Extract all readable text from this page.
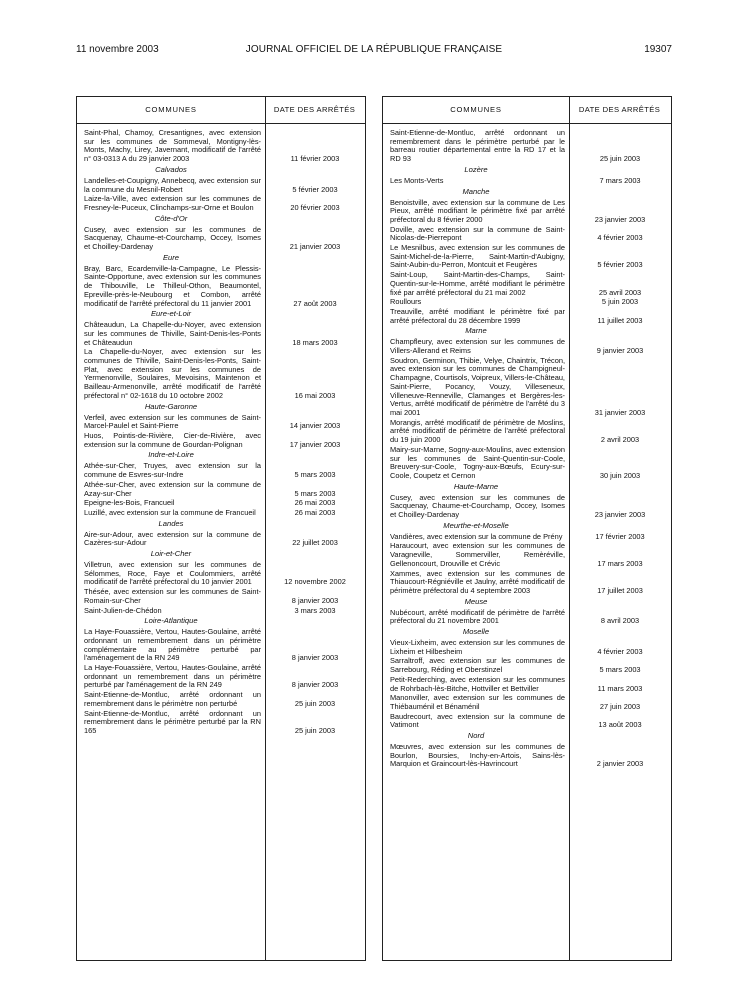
11 novembre 2003	JOURNAL OFFICIEL DE LA RÉPUBLIQUE FRANÇAISE	19307
COMMUNES	DATE DES ARRÊTÉS
Saint-Phal, Chamoy, Cresantignes, avec extension sur les communes de Sommeval, Montigny-lès-Monts, Machy, Lirey, Javernant, modificatif de l'arrêté n° 03-0313 A du 29 janvier 2003	11 février 2003
Calvados
Landelles-et-Coupigny, Annebecq, avec extension sur la commune du Mesnil-Robert	5 février 2003
Laize-la-Ville, avec extension sur les communes de Fresney-le-Puceux, Clinchamps-sur-Orne et Boulon	20 février 2003
Côte-d'Or
Cusey, avec extension sur les communes de Sacquenay, Chaume-et-Courchamp, Occey, Isomes et Choilley-Dardenay	21 janvier 2003
Eure
Bray, Barc, Ecardenville-la-Campagne, Le Plessis-Sainte-Opportune, avec extension sur les communes de Thibouville, Le Thilleul-Othon, Beaumontel, Epreville-près-le-Neubourg et Combon, arrêté modificatif de l'arrêté préfectoral du 11 janvier 2001	27 août 2003
Eure-et-Loir
Châteaudun, La Chapelle-du-Noyer, avec extension sur les communes de Thiville, Saint-Denis-les-Ponts et Châteaudun	18 mars 2003
La Chapelle-du-Noyer, avec extension sur les communes de Thiville, Saint-Denis-les-Ponts, Saint-Plat, avec extension sur les communes de Yermenonville, Soulaires, Mevoisins, Maintenon et Bailleau-Armenonville, arrêté modificatif de l'arrêté préfectoral n° 02-1618 du 10 octobre 2002	16 mai 2003
Haute-Garonne
Verfeil, avec extension sur les communes de Saint-Marcel-Paulel et Saint-Pierre	14 janvier 2003
Huos, Pointis-de-Rivière, Cier-de-Rivière, avec extension sur la commune de Gourdan-Polignan	17 janvier 2003
Indre-et-Loire
Athée-sur-Cher, Truyes, avec extension sur la commune de Esvres-sur-Indre	5 mars 2003
Athée-sur-Cher, avec extension sur la commune de Azay-sur-Cher	5 mars 2003
Epeigne-les-Bois, Francueil	26 mai 2003
Luzillé, avec extension sur la commune de Francueil	26 mai 2003
Landes
Aire-sur-Adour, avec extension sur la commune de Cazères-sur-Adour	22 juillet 2003
Loir-et-Cher
Villetrun, avec extension sur les communes de Sélommes, Roce, Faye et Coulommiers, arrêté modificatif de l'arrêté préfectoral du 10 janvier 2001	12 novembre 2002
Thésée, avec extension sur les communes de Saint-Romain-sur-Cher	8 janvier 2003
Saint-Julien-de-Chédon	3 mars 2003
Loire-Atlantique
La Haye-Fouassière, Vertou, Hautes-Goulaine, arrêté ordonnant un remembrement dans un périmètre complémentaire au périmètre perturbé par l'aménagement de la RN 249	8 janvier 2003
La Haye-Fouassière, Vertou, Hautes-Goulaine, arrêté ordonnant un remembrement dans un périmètre perturbé par l'aménagement de la RN 249	8 janvier 2003
Saint-Etienne-de-Montluc, arrêté ordonnant un remembrement dans le périmètre non perturbé	25 juin 2003
Saint-Etienne-de-Montluc, arrêté ordonnant un remembrement dans le périmètre perturbé par la RN 165	25 juin 2003
COMMUNES	DATE DES ARRÊTÉS
Saint-Etienne-de-Montluc, arrêté ordonnant un remembrement dans le périmètre perturbé par le barreau routier départemental entre la RD 17 et la RD 93	25 juin 2003
Lozère
Les Monts-Verts	7 mars 2003
Manche
Benoistville, avec extension sur la commune de Les Pieux, arrêté modifiant le périmètre fixé par arrêté préfectoral du 8 février 2000	23 janvier 2003
Doville, avec extension sur la commune de Saint-Nicolas-de-Pierrepont	4 février 2003
Le Mesnilbus, avec extension sur les communes de Saint-Michel-de-la-Pierre, Saint-Martin-d'Aubigny, Saint-Aubin-du-Perron, Montcuit et Feugères	5 février 2003
Saint-Loup, Saint-Martin-des-Champs, Saint-Quentin-sur-le-Homme, arrêté modifiant le périmètre fixé par arrêté préfectoral du 21 mai 2002	25 avril 2003
Roullours	5 juin 2003
Treauville, arrêté modifiant le périmètre fixé par arrêté préfectoral du 28 décembre 1999	11 juillet 2003
Marne
Champfleury, avec extension sur les communes de Villers-Allerand et Reims	9 janvier 2003
Soudron, Germinon, Thibie, Velye, Chaintrix, Trécon, avec extension sur les communes de Champigneul-Champagne, Courtisols, Voipreux, Villers-le-Château, Saint-Pierre, Pocancy, Vouzy, Villeseneux, Villeneuve-Renneville, Clamanges et Bergères-les-Vertus, arrêté modificatif de périmètre de l'arrêté du 3 mai 2001	31 janvier 2003
Morangis, arrêté modificatif de périmètre de Moslins, arrêté modificatif de périmètre de l'arrêté préfectoral du 19 juin 2000	2 avril 2003
Mairy-sur-Marne, Sogny-aux-Moulins, avec extension sur les communes de Saint-Quentin-sur-Coole, Breuvery-sur-Coole, Togny-aux-Bœufs, Ecury-sur-Coole, Coupetz et Cernon	30 juin 2003
Haute-Marne
Cusey, avec extension sur les communes de Sacquenay, Chaume-et-Courchamp, Occey, Isomes et Choilley-Dardenay	23 janvier 2003
Meurthe-et-Moselle
Vandières, avec extension sur la commune de Prény	17 février 2003
Haraucourt, avec extension sur les communes de Varagneville, Sommerviller, Remèréville, Gellenoncourt, Drouville et Crévic	17 mars 2003
Xammes, avec extension sur les communes de Thiaucourt-Régniéville et Jaulny, arrêté modificatif de périmètre préfectoral du 4 septembre 2003	17 juillet 2003
Meuse
Nubécourt, arrêté modificatif de périmètre de l'arrêté préfectoral du 21 novembre 2001	8 avril 2003
Moselle
Vieux-Lixheim, avec extension sur les communes de Lixheim et Hilbesheim	4 février 2003
Sarraltroff, avec extension sur les communes de Sarrebourg, Réding et Oberstinzel	5 mars 2003
Petit-Rederching, avec extension sur les communes de Rohrbach-lès-Bitche, Hottviller et Bettviller	11 mars 2003
Manonviller, avec extension sur les communes de Thiébauménil et Bénaménil	27 juin 2003
Baudrecourt, avec extension sur la commune de Vatimont	13 août 2003
Nord
Mœuvres, avec extension sur les communes de Bourlon, Boursies, Inchy-en-Artois, Sains-lès-Marquion et Graincourt-lès-Havrincourt	2 janvier 2003
